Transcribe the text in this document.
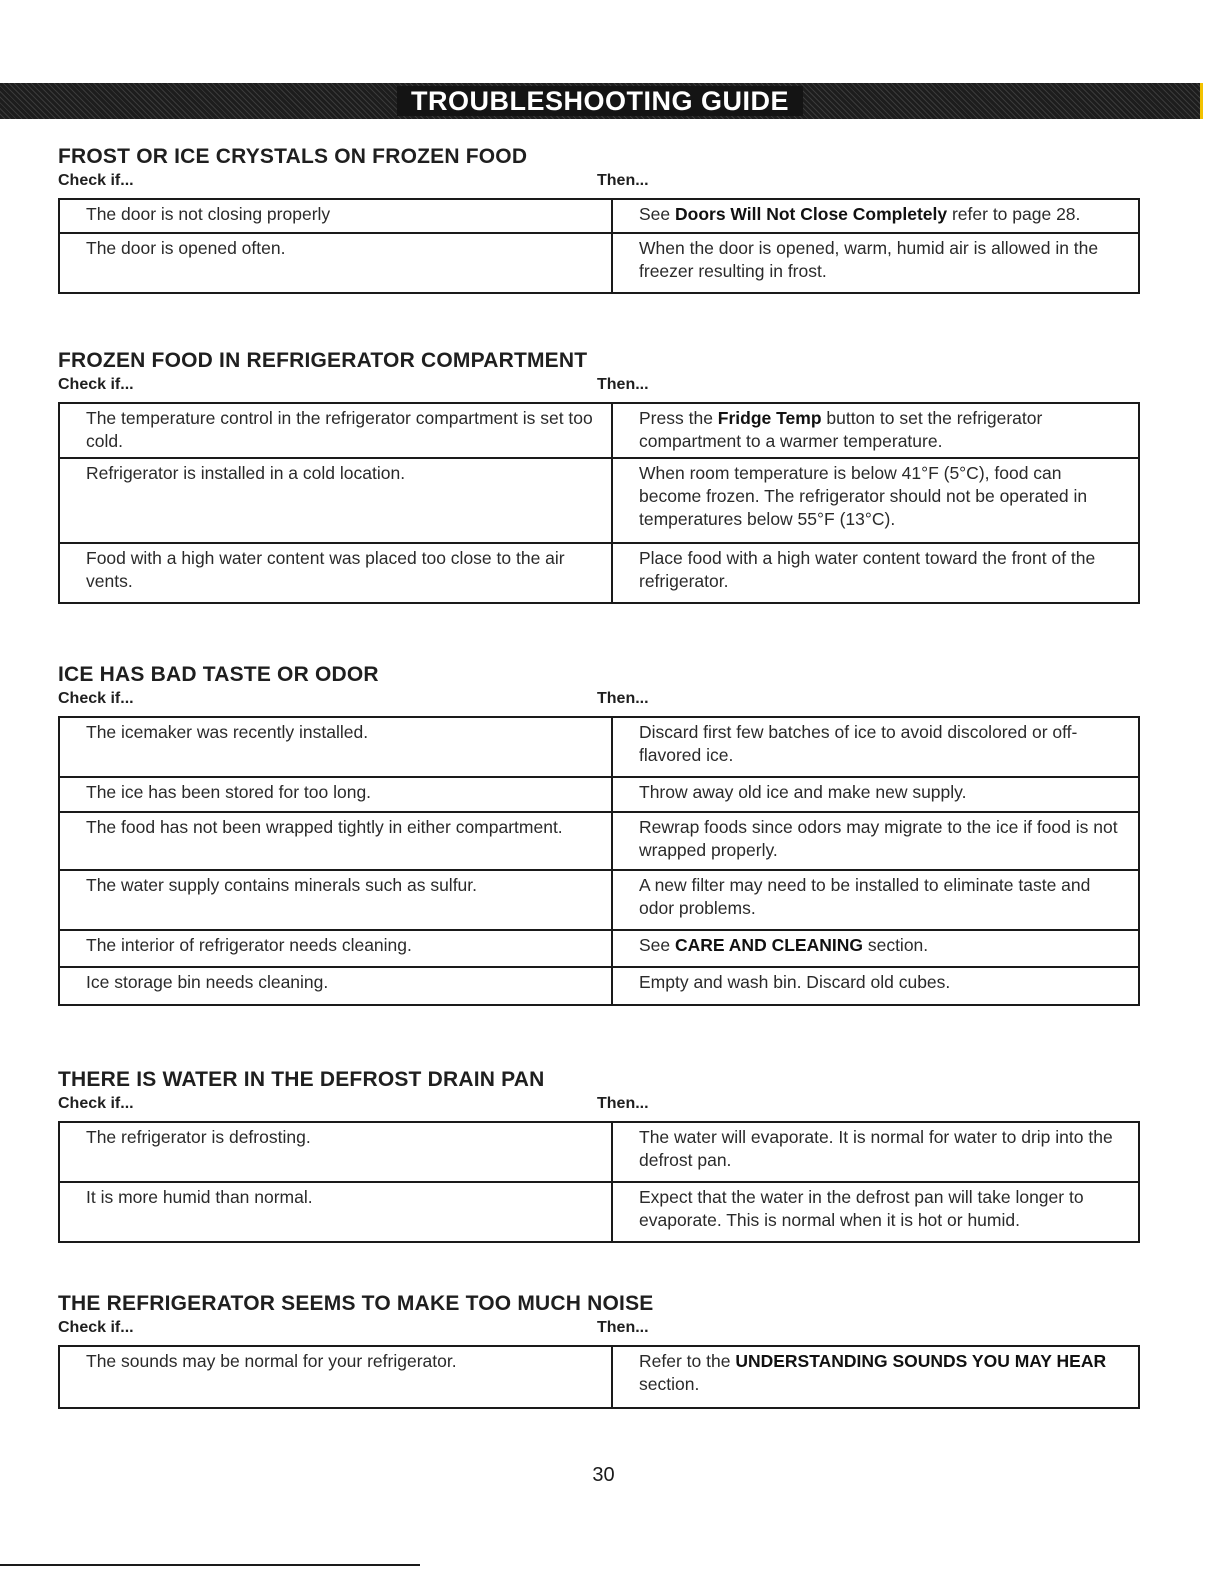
TROUBLESHOOTING GUIDE
FROST OR ICE CRYSTALS ON FROZEN FOOD
Check if...	Then...
The door is not closing properly	See Doors Will Not Close Completely refer to page 28.
The door is opened often.	When the door is opened, warm, humid air is allowed in the freezer resulting in frost.
FROZEN FOOD IN REFRIGERATOR COMPARTMENT
Check if...	Then...
The temperature control in the refrigerator compartment is set too cold.	Press the Fridge Temp button to set the refrigerator compartment to a warmer temperature.
Refrigerator is installed in a cold location.	When room temperature is below 41°F (5°C), food can become frozen. The refrigerator should not be operated in temperatures below 55°F (13°C).
Food with a high water content was placed too close to the air vents.	Place food with a high water content toward the front of the refrigerator.
ICE HAS BAD TASTE OR ODOR
Check if...	Then...
The icemaker was recently installed.	Discard first few batches of ice to avoid discolored or off-flavored ice.
The ice has been stored for too long.	Throw away old ice and make new supply.
The food has not been wrapped tightly in either compartment.	Rewrap foods since odors may migrate to the ice if food is not wrapped properly.
The water supply contains minerals such as sulfur.	A new filter may need to be installed to eliminate taste and odor problems.
The interior of refrigerator needs cleaning.	See CARE AND CLEANING section.
Ice storage bin needs cleaning.	Empty and wash bin. Discard old cubes.
THERE IS WATER IN THE DEFROST DRAIN PAN
Check if...	Then...
The refrigerator is defrosting.	The water will evaporate. It is normal for water to drip into the defrost pan.
It is more humid than normal.	Expect that the water in the defrost pan will take longer to evaporate. This is normal when it is hot or humid.
THE REFRIGERATOR SEEMS TO MAKE TOO MUCH NOISE
Check if...	Then...
The sounds may be normal for your refrigerator.	Refer to the UNDERSTANDING SOUNDS YOU MAY HEAR section.
30
